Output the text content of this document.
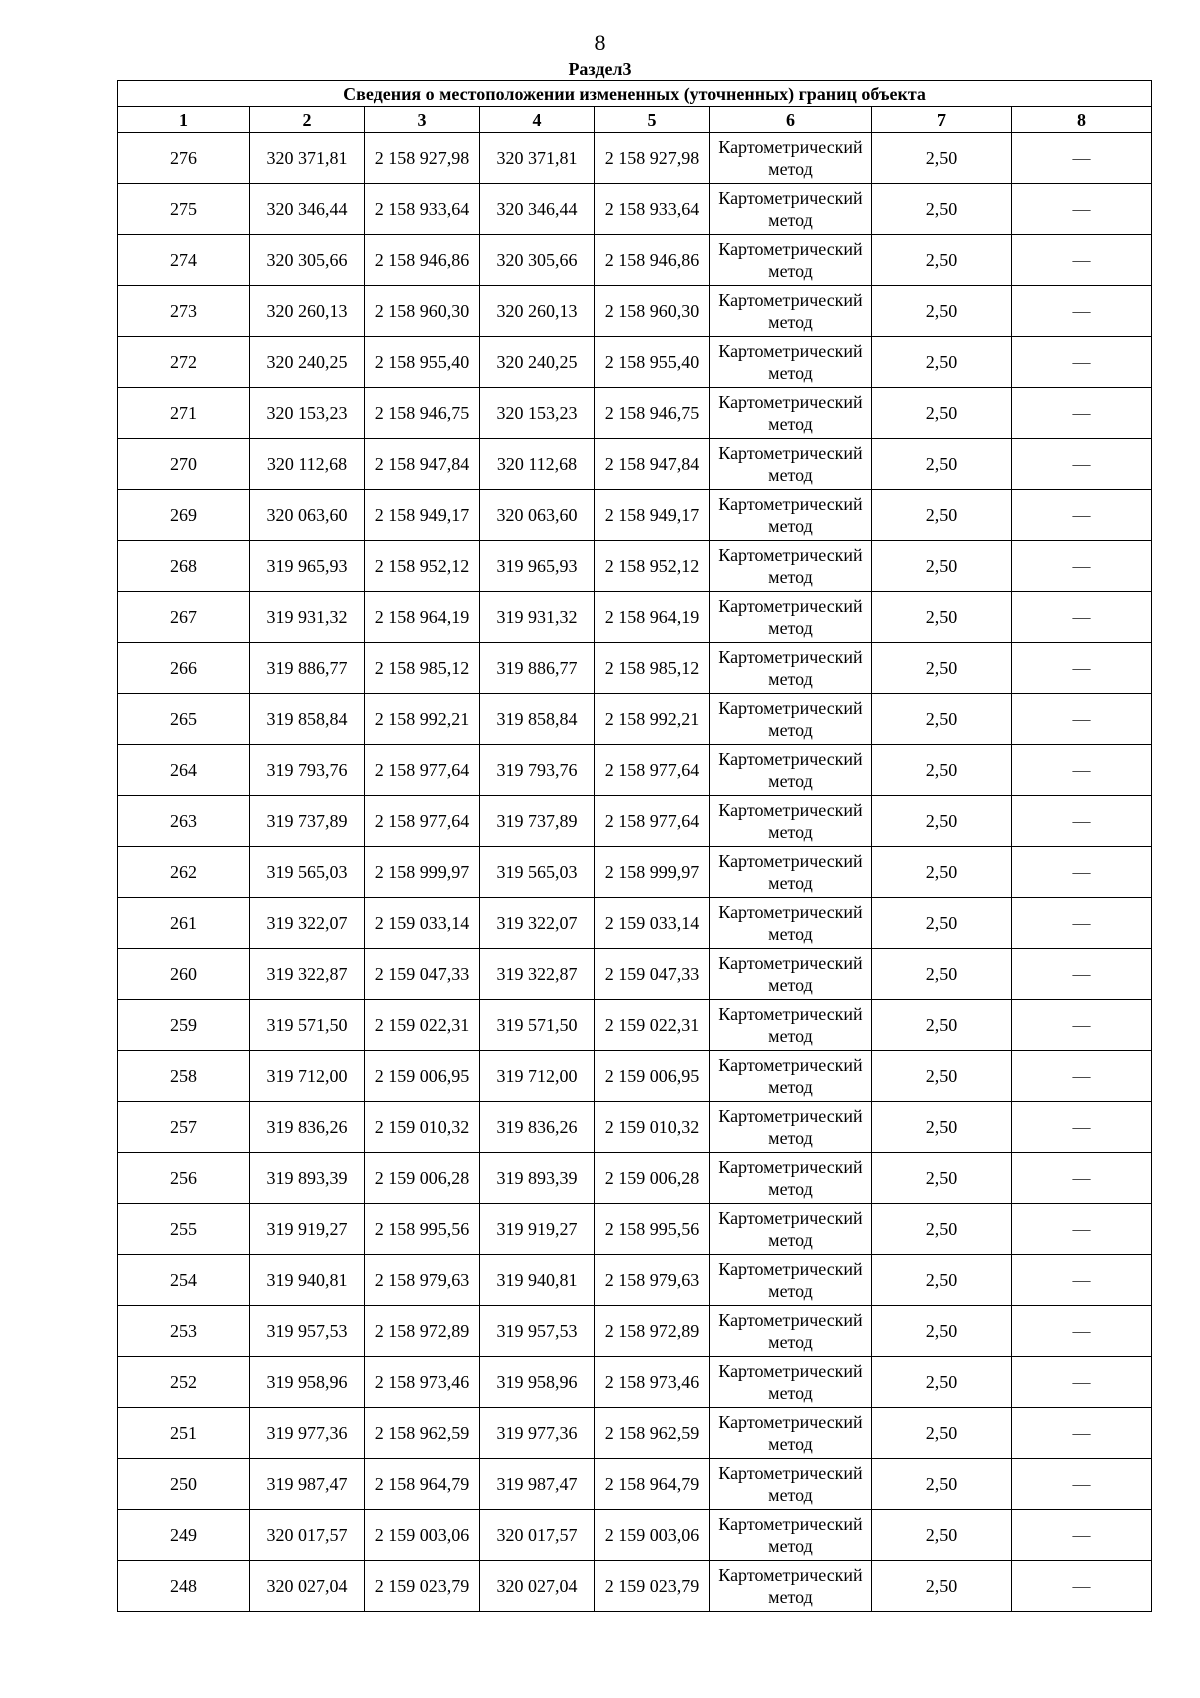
8
Раздел3
Сведения о местоположении измененных (уточненных) границ объекта							
1	2	3	4	5	6	7	8
276	320 371,81	2 158 927,98	320 371,81	2 158 927,98	Картометрический метод	2,50	—
275	320 346,44	2 158 933,64	320 346,44	2 158 933,64	Картометрический метод	2,50	—
274	320 305,66	2 158 946,86	320 305,66	2 158 946,86	Картометрический метод	2,50	—
273	320 260,13	2 158 960,30	320 260,13	2 158 960,30	Картометрический метод	2,50	—
272	320 240,25	2 158 955,40	320 240,25	2 158 955,40	Картометрический метод	2,50	—
271	320 153,23	2 158 946,75	320 153,23	2 158 946,75	Картометрический метод	2,50	—
270	320 112,68	2 158 947,84	320 112,68	2 158 947,84	Картометрический метод	2,50	—
269	320 063,60	2 158 949,17	320 063,60	2 158 949,17	Картометрический метод	2,50	—
268	319 965,93	2 158 952,12	319 965,93	2 158 952,12	Картометрический метод	2,50	—
267	319 931,32	2 158 964,19	319 931,32	2 158 964,19	Картометрический метод	2,50	—
266	319 886,77	2 158 985,12	319 886,77	2 158 985,12	Картометрический метод	2,50	—
265	319 858,84	2 158 992,21	319 858,84	2 158 992,21	Картометрический метод	2,50	—
264	319 793,76	2 158 977,64	319 793,76	2 158 977,64	Картометрический метод	2,50	—
263	319 737,89	2 158 977,64	319 737,89	2 158 977,64	Картометрический метод	2,50	—
262	319 565,03	2 158 999,97	319 565,03	2 158 999,97	Картометрический метод	2,50	—
261	319 322,07	2 159 033,14	319 322,07	2 159 033,14	Картометрический метод	2,50	—
260	319 322,87	2 159 047,33	319 322,87	2 159 047,33	Картометрический метод	2,50	—
259	319 571,50	2 159 022,31	319 571,50	2 159 022,31	Картометрический метод	2,50	—
258	319 712,00	2 159 006,95	319 712,00	2 159 006,95	Картометрический метод	2,50	—
257	319 836,26	2 159 010,32	319 836,26	2 159 010,32	Картометрический метод	2,50	—
256	319 893,39	2 159 006,28	319 893,39	2 159 006,28	Картометрический метод	2,50	—
255	319 919,27	2 158 995,56	319 919,27	2 158 995,56	Картометрический метод	2,50	—
254	319 940,81	2 158 979,63	319 940,81	2 158 979,63	Картометрический метод	2,50	—
253	319 957,53	2 158 972,89	319 957,53	2 158 972,89	Картометрический метод	2,50	—
252	319 958,96	2 158 973,46	319 958,96	2 158 973,46	Картометрический метод	2,50	—
251	319 977,36	2 158 962,59	319 977,36	2 158 962,59	Картометрический метод	2,50	—
250	319 987,47	2 158 964,79	319 987,47	2 158 964,79	Картометрический метод	2,50	—
249	320 017,57	2 159 003,06	320 017,57	2 159 003,06	Картометрический метод	2,50	—
248	320 027,04	2 159 023,79	320 027,04	2 159 023,79	Картометрический метод	2,50	—
